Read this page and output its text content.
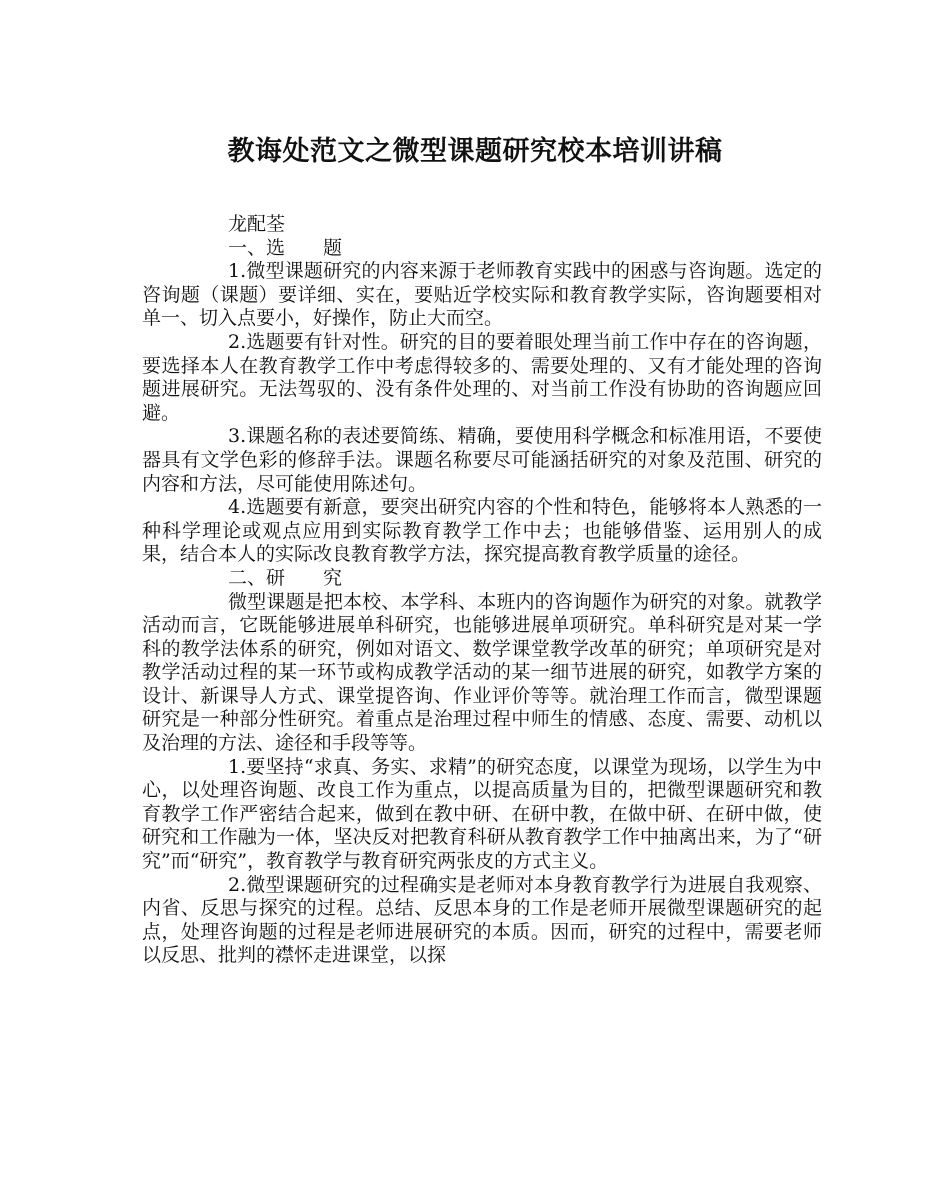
教诲处范文之微型课题研究校本培训讲稿

龙配荃

一、选　　题

1.微型课题研究的内容来源于老师教育实践中的困惑与咨询题。选定的咨询题（课题）要详细、实在，要贴近学校实际和教育教学实际，咨询题要相对单一、切入点要小，好操作，防止大而空。

2.选题要有针对性。研究的目的要着眼处理当前工作中存在的咨询题，要选择本人在教育教学工作中考虑得较多的、需要处理的、又有才能处理的咨询题进展研究。无法驾驭的、没有条件处理的、对当前工作没有协助的咨询题应回避。

3.课题名称的表述要简练、精确，要使用科学概念和标准用语，不要使器具有文学色彩的修辞手法。课题名称要尽可能涵括研究的对象及范围、研究的内容和方法，尽可能使用陈述句。

4.选题要有新意，要突出研究内容的个性和特色，能够将本人熟悉的一种科学理论或观点应用到实际教育教学工作中去；也能够借鉴、运用别人的成果，结合本人的实际改良教育教学方法，探究提高教育教学质量的途径。

二、研　　究

微型课题是把本校、本学科、本班内的咨询题作为研究的对象。就教学活动而言，它既能够进展单科研究，也能够进展单项研究。单科研究是对某一学科的教学法体系的研究，例如对语文、数学课堂教学改革的研究；单项研究是对教学活动过程的某一环节或构成教学活动的某一细节进展的研究，如教学方案的设计、新课导人方式、课堂提咨询、作业评价等等。就治理工作而言，微型课题研究是一种部分性研究。着重点是治理过程中师生的情感、态度、需要、动机以及治理的方法、途径和手段等等。

1.要坚持“求真、务实、求精”的研究态度，以课堂为现场，以学生为中心，以处理咨询题、改良工作为重点，以提高质量为目的，把微型课题研究和教育教学工作严密结合起来，做到在教中研、在研中教，在做中研、在研中做，使研究和工作融为一体，坚决反对把教育科研从教育教学工作中抽离出来，为了“研究”而“研究”，教育教学与教育研究两张皮的方式主义。

2.微型课题研究的过程确实是老师对本身教育教学行为进展自我观察、内省、反思与探究的过程。总结、反思本身的工作是老师开展微型课题研究的起点，处理咨询题的过程是老师进展研究的本质。因而，研究的过程中，需要老师以反思、批判的襟怀走进课堂，以探
